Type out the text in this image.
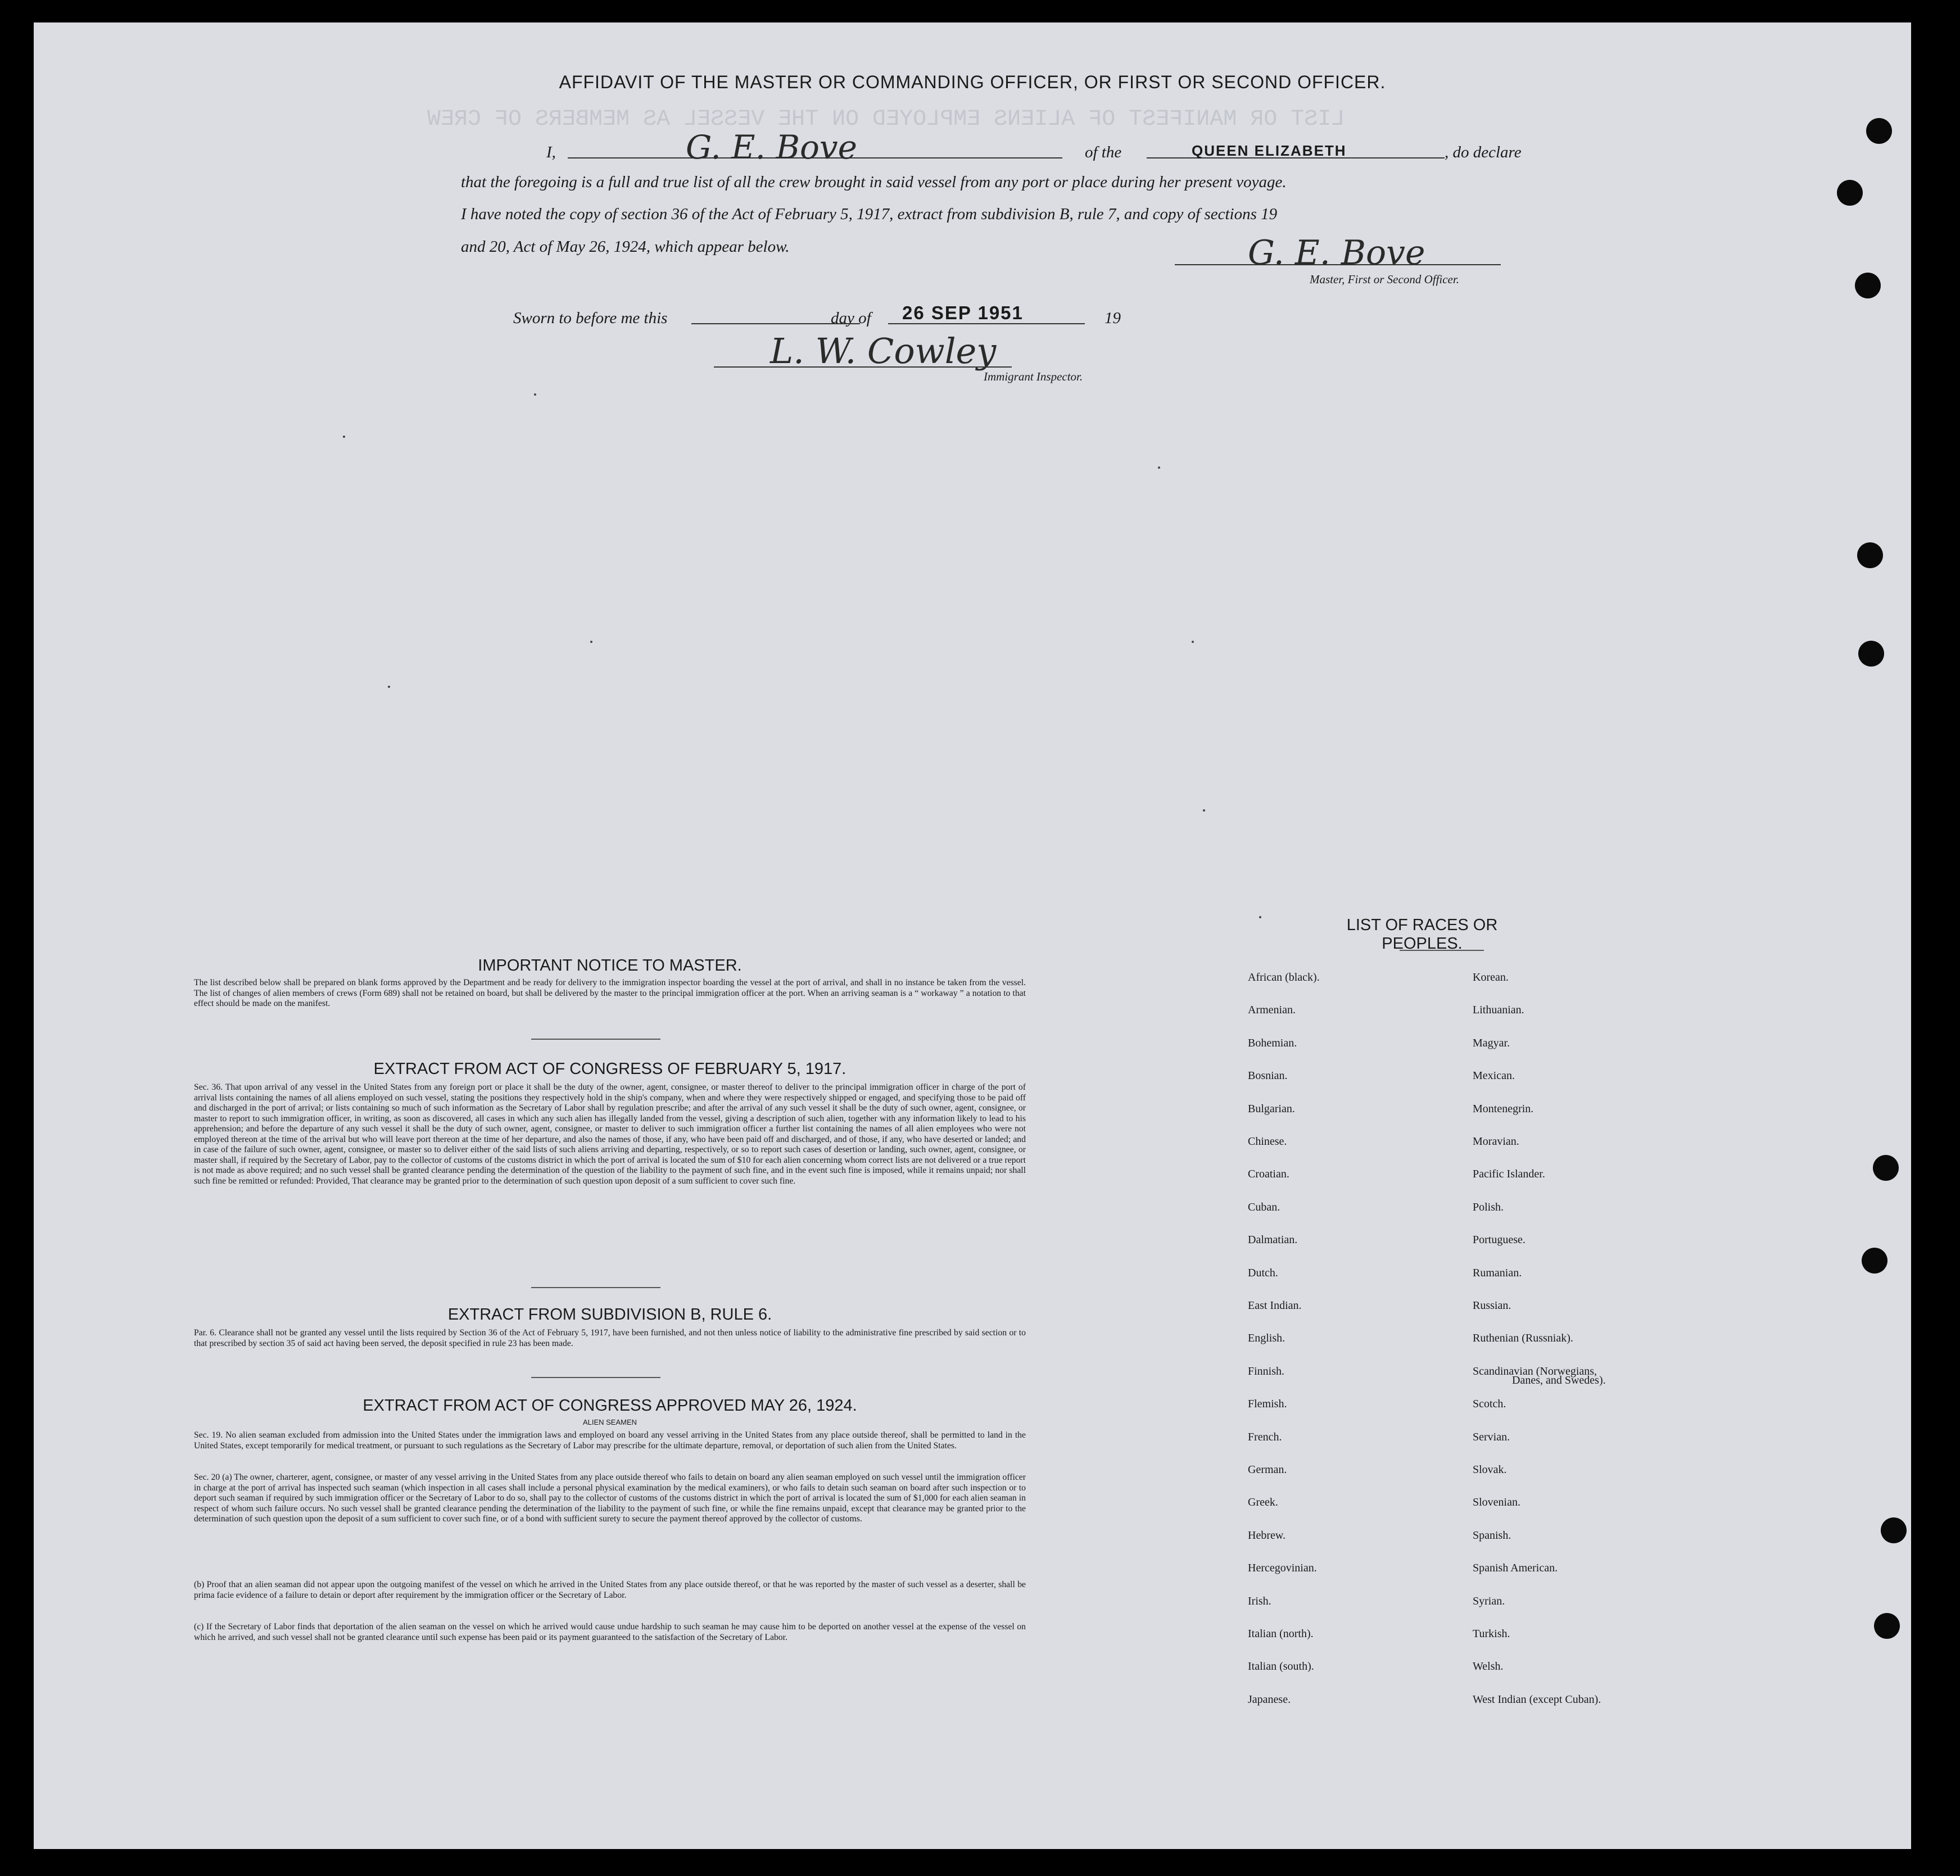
LIST OR MANIFEST OF ALIENS EMPLOYED ON THE VESSEL AS MEMBERS OF CREW
AFFIDAVIT OF THE MASTER OR COMMANDING OFFICER, OR FIRST OR SECOND OFFICER.
I,	G. E. Bove	of the	QUEEN ELIZABETH	, do declare
that the foregoing is a full and true list of all the crew brought in said vessel from any port or place during her present voyage.
I have noted the copy of section 36 of the Act of February 5, 1917, extract from subdivision B, rule 7, and copy of sections 19
and 20, Act of May 26, 1924, which appear below.	G. E. Bove
Master, First or Second Officer.
Sworn to before me this	day of 26 SEP 1951	19
L. W. Cowley
Immigrant Inspector.
IMPORTANT NOTICE TO MASTER.
The list described below shall be prepared on blank forms approved by the Department and be ready for delivery to the immigration inspector boarding the vessel at the port of arrival, and shall in no instance be taken from the vessel. The list of changes of alien members of crews (Form 689) shall not be retained on board, but shall be delivered by the master to the principal immigration officer at the port. When an arriving seaman is a “ workaway ” a notation to that effect should be made on the manifest.
EXTRACT FROM ACT OF CONGRESS OF FEBRUARY 5, 1917.
Sec. 36. That upon arrival of any vessel in the United States from any foreign port or place it shall be the duty of the owner, agent, consignee, or master thereof to deliver to the principal immigration officer in charge of the port of arrival lists containing the names of all aliens employed on such vessel, stating the positions they respectively hold in the ship's company, when and where they were respectively shipped or engaged, and specifying those to be paid off and discharged in the port of arrival; or lists containing so much of such information as the Secretary of Labor shall by regulation prescribe; and after the arrival of any such vessel it shall be the duty of such owner, agent, consignee, or master to report to such immigration officer, in writing, as soon as discovered, all cases in which any such alien has illegally landed from the vessel, giving a description of such alien, together with any information likely to lead to his apprehension; and before the departure of any such vessel it shall be the duty of such owner, agent, consignee, or master to deliver to such immigration officer a further list containing the names of all alien employees who were not employed thereon at the time of the arrival but who will leave port thereon at the time of her departure, and also the names of those, if any, who have been paid off and discharged, and of those, if any, who have deserted or landed; and in case of the failure of such owner, agent, consignee, or master so to deliver either of the said lists of such aliens arriving and departing, respectively, or so to report such cases of desertion or landing, such owner, agent, consignee, or master shall, if required by the Secretary of Labor, pay to the collector of customs of the customs district in which the port of arrival is located the sum of $10 for each alien concerning whom correct lists are not delivered or a true report is not made as above required; and no such vessel shall be granted clearance pending the determination of the question of the liability to the payment of such fine, and in the event such fine is imposed, while it remains unpaid; nor shall such fine be remitted or refunded: Provided, That clearance may be granted prior to the determination of such question upon deposit of a sum sufficient to cover such fine.
EXTRACT FROM SUBDIVISION B, RULE 6.
Par. 6. Clearance shall not be granted any vessel until the lists required by Section 36 of the Act of February 5, 1917, have been furnished, and not then unless notice of liability to the administrative fine prescribed by said section or to that prescribed by section 35 of said act having been served, the deposit specified in rule 23 has been made.
EXTRACT FROM ACT OF CONGRESS APPROVED MAY 26, 1924.
ALIEN SEAMEN
Sec. 19. No alien seaman excluded from admission into the United States under the immigration laws and employed on board any vessel arriving in the United States from any place outside thereof, shall be permitted to land in the United States, except temporarily for medical treatment, or pursuant to such regulations as the Secretary of Labor may prescribe for the ultimate departure, removal, or deportation of such alien from the United States.
Sec. 20 (a) The owner, charterer, agent, consignee, or master of any vessel arriving in the United States from any place outside thereof who fails to detain on board any alien seaman employed on such vessel until the immigration officer in charge at the port of arrival has inspected such seaman (which inspection in all cases shall include a personal physical examination by the medical examiners), or who fails to detain such seaman on board after such inspection or to deport such seaman if required by such immigration officer or the Secretary of Labor to do so, shall pay to the collector of customs of the customs district in which the port of arrival is located the sum of $1,000 for each alien seaman in respect of whom such failure occurs. No such vessel shall be granted clearance pending the determination of the liability to the payment of such fine, or while the fine remains unpaid, except that clearance may be granted prior to the determination of such question upon the deposit of a sum sufficient to cover such fine, or of a bond with sufficient surety to secure the payment thereof approved by the collector of customs.
(b) Proof that an alien seaman did not appear upon the outgoing manifest of the vessel on which he arrived in the United States from any place outside thereof, or that he was reported by the master of such vessel as a deserter, shall be prima facie evidence of a failure to detain or deport after requirement by the immigration officer or the Secretary of Labor.
(c) If the Secretary of Labor finds that deportation of the alien seaman on the vessel on which he arrived would cause undue hardship to such seaman he may cause him to be deported on another vessel at the expense of the vessel on which he arrived, and such vessel shall not be granted clearance until such expense has been paid or its payment guaranteed to the satisfaction of the Secretary of Labor.
LIST OF RACES OR PEOPLES.
African (black).
Armenian.
Bohemian.
Bosnian.
Bulgarian.
Chinese.
Croatian.
Cuban.
Dalmatian.
Dutch.
East Indian.
English.
Finnish.
Flemish.
French.
German.
Greek.
Hebrew.
Hercegovinian.
Irish.
Italian (north).
Italian (south).
Japanese.
Korean.
Lithuanian.
Magyar.
Mexican.
Montenegrin.
Moravian.
Pacific Islander.
Polish.
Portuguese.
Rumanian.
Russian.
Ruthenian (Russniak).
Scandinavian (Norwegians,
Scotch.
Servian.
Slovak.
Slovenian.
Spanish.
Spanish American.
Syrian.
Turkish.
Welsh.
West Indian (except Cuban).
Danes, and Swedes).
